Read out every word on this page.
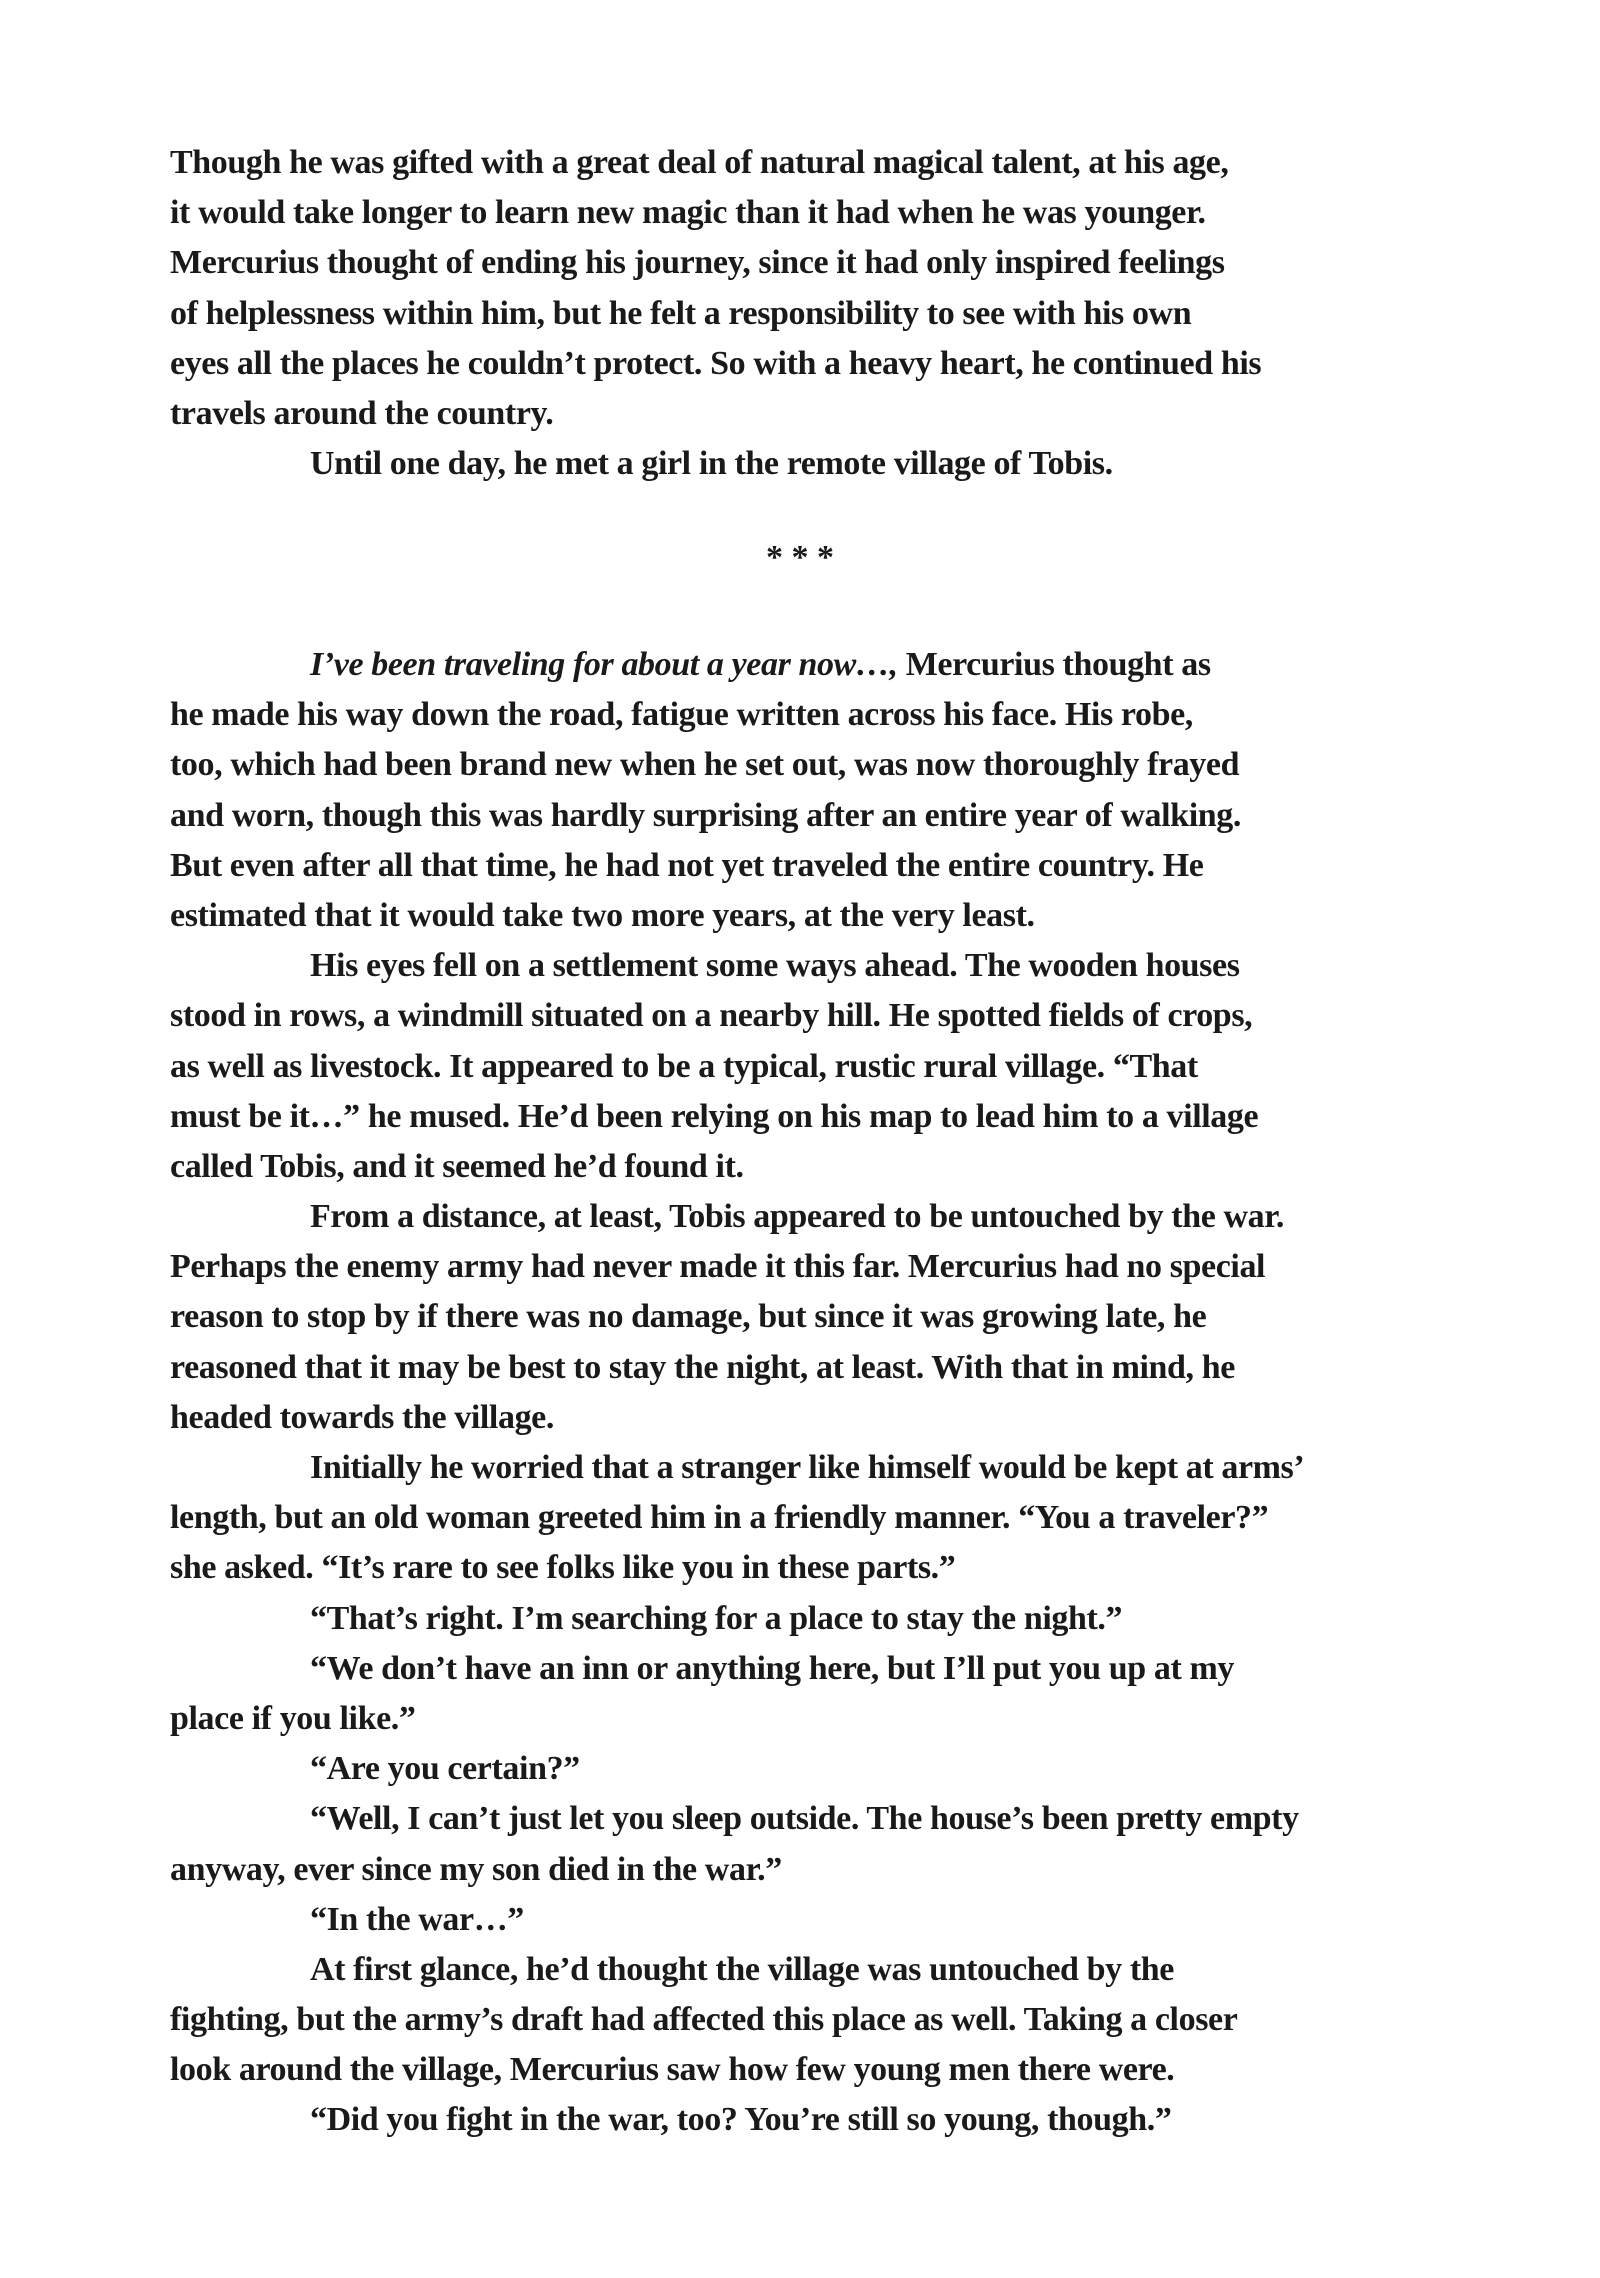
Though he was gifted with a great deal of natural magical talent, at his age,
it would take longer to learn new magic than it had when he was younger.
Mercurius thought of ending his journey, since it had only inspired feelings
of helplessness within him, but he felt a responsibility to see with his own
eyes all the places he couldn’t protect. So with a heavy heart, he continued his
travels around the country.
Until one day, he met a girl in the remote village of Tobis.
* * *
I’ve been traveling for about a year now…, Mercurius thought as
he made his way down the road, fatigue written across his face. His robe,
too, which had been brand new when he set out, was now thoroughly frayed
and worn, though this was hardly surprising after an entire year of walking.
But even after all that time, he had not yet traveled the entire country. He
estimated that it would take two more years, at the very least.
His eyes fell on a settlement some ways ahead. The wooden houses
stood in rows, a windmill situated on a nearby hill. He spotted fields of crops,
as well as livestock. It appeared to be a typical, rustic rural village. “That
must be it…” he mused. He’d been relying on his map to lead him to a village
called Tobis, and it seemed he’d found it.
From a distance, at least, Tobis appeared to be untouched by the war.
Perhaps the enemy army had never made it this far. Mercurius had no special
reason to stop by if there was no damage, but since it was growing late, he
reasoned that it may be best to stay the night, at least. With that in mind, he
headed towards the village.
Initially he worried that a stranger like himself would be kept at arms’
length, but an old woman greeted him in a friendly manner. “You a traveler?”
she asked. “It’s rare to see folks like you in these parts.”
“That’s right. I’m searching for a place to stay the night.”
“We don’t have an inn or anything here, but I’ll put you up at my
place if you like.”
“Are you certain?”
“Well, I can’t just let you sleep outside. The house’s been pretty empty
anyway, ever since my son died in the war.”
“In the war…”
At first glance, he’d thought the village was untouched by the
fighting, but the army’s draft had affected this place as well. Taking a closer
look around the village, Mercurius saw how few young men there were.
“Did you fight in the war, too? You’re still so young, though.”
